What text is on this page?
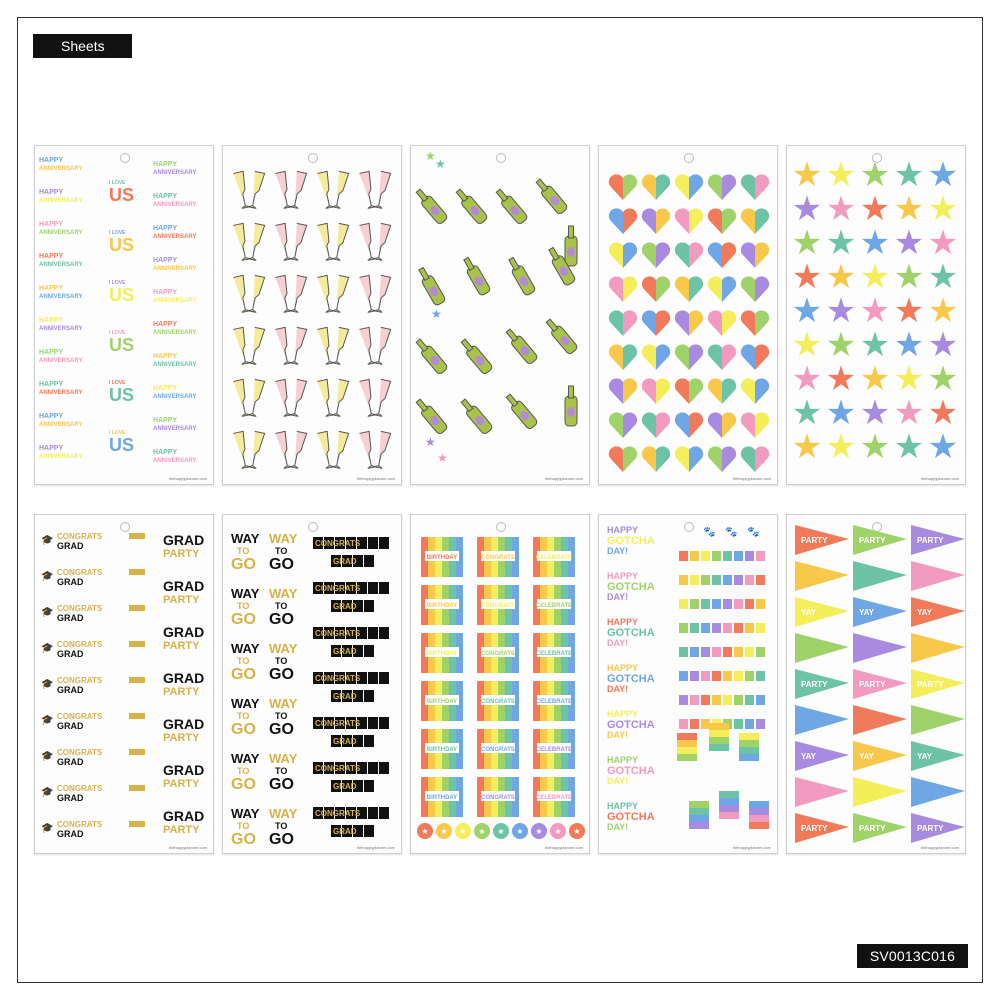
Sheets
SV0013C016
HAPPY
ANNIVERSARY
HAPPY
ANNIVERSARY
HAPPY
ANNIVERSARY
HAPPY
ANNIVERSARY
HAPPY
ANNIVERSARY
HAPPY
ANNIVERSARY
HAPPY
ANNIVERSARY
HAPPY
ANNIVERSARY
HAPPY
ANNIVERSARY
HAPPY
ANNIVERSARY
HAPPY
ANNIVERSARY
HAPPY
ANNIVERSARY
HAPPY
ANNIVERSARY
HAPPY
ANNIVERSARY
HAPPY
ANNIVERSARY
HAPPY
ANNIVERSARY
HAPPY
ANNIVERSARY
HAPPY
ANNIVERSARY
HAPPY
ANNIVERSARY
HAPPY
ANNIVERSARY
I LOVE
US
I LOVE
US
I LOVE
US
I LOVE
US
I LOVE
US
I LOVE
US
thehappyplanner.com	thehappyplanner.com
★
★
★
★
★
thehappyplanner.com	thehappyplanner.com
★ ★ ★ ★ ★
★ ★ ★ ★ ★
★ ★ ★ ★ ★
★ ★ ★ ★ ★
★ ★ ★ ★ ★
★ ★ ★ ★ ★
★ ★ ★ ★ ★
★ ★ ★ ★ ★
★ ★ ★ ★ ★
thehappyplanner.com
🎓 CONGRATS
GRAD
🎓 CONGRATS
GRAD
🎓 CONGRATS
GRAD
🎓 CONGRATS
GRAD
🎓 CONGRATS
GRAD
🎓 CONGRATS
GRAD
🎓 CONGRATS
GRAD
🎓 CONGRATS
GRAD
🎓 CONGRATS
GRAD
GRAD
PARTY
GRAD
PARTY
GRAD
PARTY
GRAD
PARTY
GRAD
PARTY
GRAD
PARTY
GRAD
PARTY
thehappyplanner.com
WAY
TO
GO
WAY
TO
GO
WAY
TO
GO
WAY
TO
GO
WAY
TO
GO
WAY
TO
GO
WAY
TO
GO
WAY
TO
GO
WAY
TO
GO
WAY
TO
GO
WAY
TO
GO
WAY
TO
GO
CONGRATS
GRAD
CONGRATS
GRAD
CONGRATS
GRAD
CONGRATS
GRAD
CONGRATS
GRAD
CONGRATS
GRAD
CONGRATS
GRAD
thehappyplanner.com
BIRTHDAY	CONGRATS	CELEBRATE
BIRTHDAY	CONGRATS	CELEBRATE
BIRTHDAY	CONGRATS	CELEBRATE
BIRTHDAY	CONGRATS	CELEBRATE
BIRTHDAY	CONGRATS	CELEBRATE
BIRTHDAY	CONGRATS	CELEBRATE
★ ★ ★ ★ ★ ★ ★ ★ ★
thehappyplanner.com
HAPPY
GOTCHA
DAY!
HAPPY
GOTCHA
DAY!
HAPPY
GOTCHA
DAY!
HAPPY
GOTCHA
DAY!
HAPPY
GOTCHA
DAY!
HAPPY
GOTCHA
DAY!
HAPPY
GOTCHA
DAY!
🐾 🐾 🐾
thehappyplanner.com
PARTY
YAY
PARTY
YAY
PARTY
PARTY
YAY
PARTY
YAY
PARTY
PARTY
YAY
PARTY
YAY
PARTY
thehappyplanner.com
